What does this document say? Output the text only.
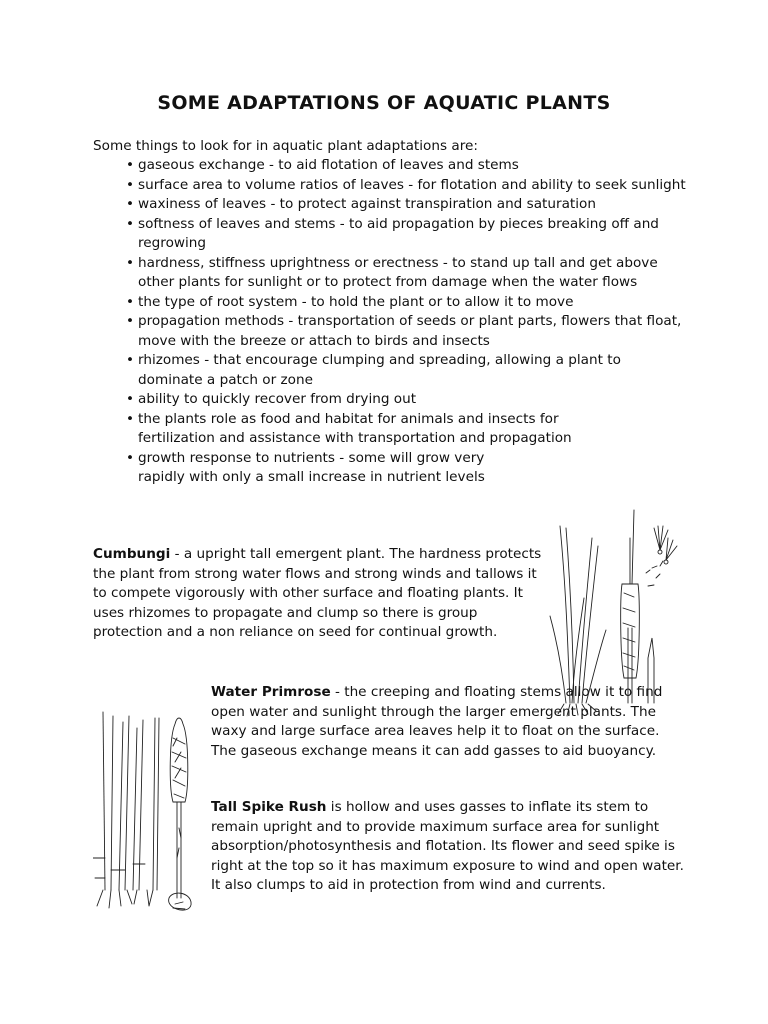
SOME ADAPTATIONS OF AQUATIC PLANTS

Some things to look for in aquatic plant adaptations are:

• gaseous exchange - to aid flotation of leaves and stems
• surface area to volume ratios of leaves - for flotation and ability to seek sunlight
• waxiness of leaves - to protect against transpiration and saturation
• softness of leaves and stems - to aid propagation by pieces breaking off and regrowing
• hardness, stiffness uprightness or erectness - to stand up tall and get above other plants for sunlight or to protect from damage when the water flows
• the type of root system - to hold the plant or to allow it to move
• propagation methods - transportation of seeds or plant parts, flowers that float, move with the breeze or attach to birds and insects
• rhizomes - that encourage clumping and spreading, allowing a plant to dominate a patch or zone
• ability to quickly recover from drying out
• the plants role as food and habitat for animals and insects for fertilization and assistance with transportation and propagation
• growth response to nutrients - some will grow very rapidly with only a small increase in nutrient levels

Cumbungi - a upright tall emergent plant. The hardness protects the plant from strong water flows and strong winds and tallows it to compete vigorously with other surface and floating plants. It uses rhizomes to propagate and clump so there is group protection and a non reliance on seed for continual growth.

Water Primrose - the creeping and floating stems allow it to find open water and sunlight through the larger emergent plants. The waxy and large surface area leaves help it to float on the surface. The gaseous exchange means it can add gasses to aid buoyancy.

Tall Spike Rush is hollow and uses gasses to inflate its stem to remain upright and to provide maximum surface area for sunlight absorption/photosynthesis and flotation. Its flower and seed spike is right at the top so it has maximum exposure to wind and open water. It also clumps to aid in protection from wind and currents.
